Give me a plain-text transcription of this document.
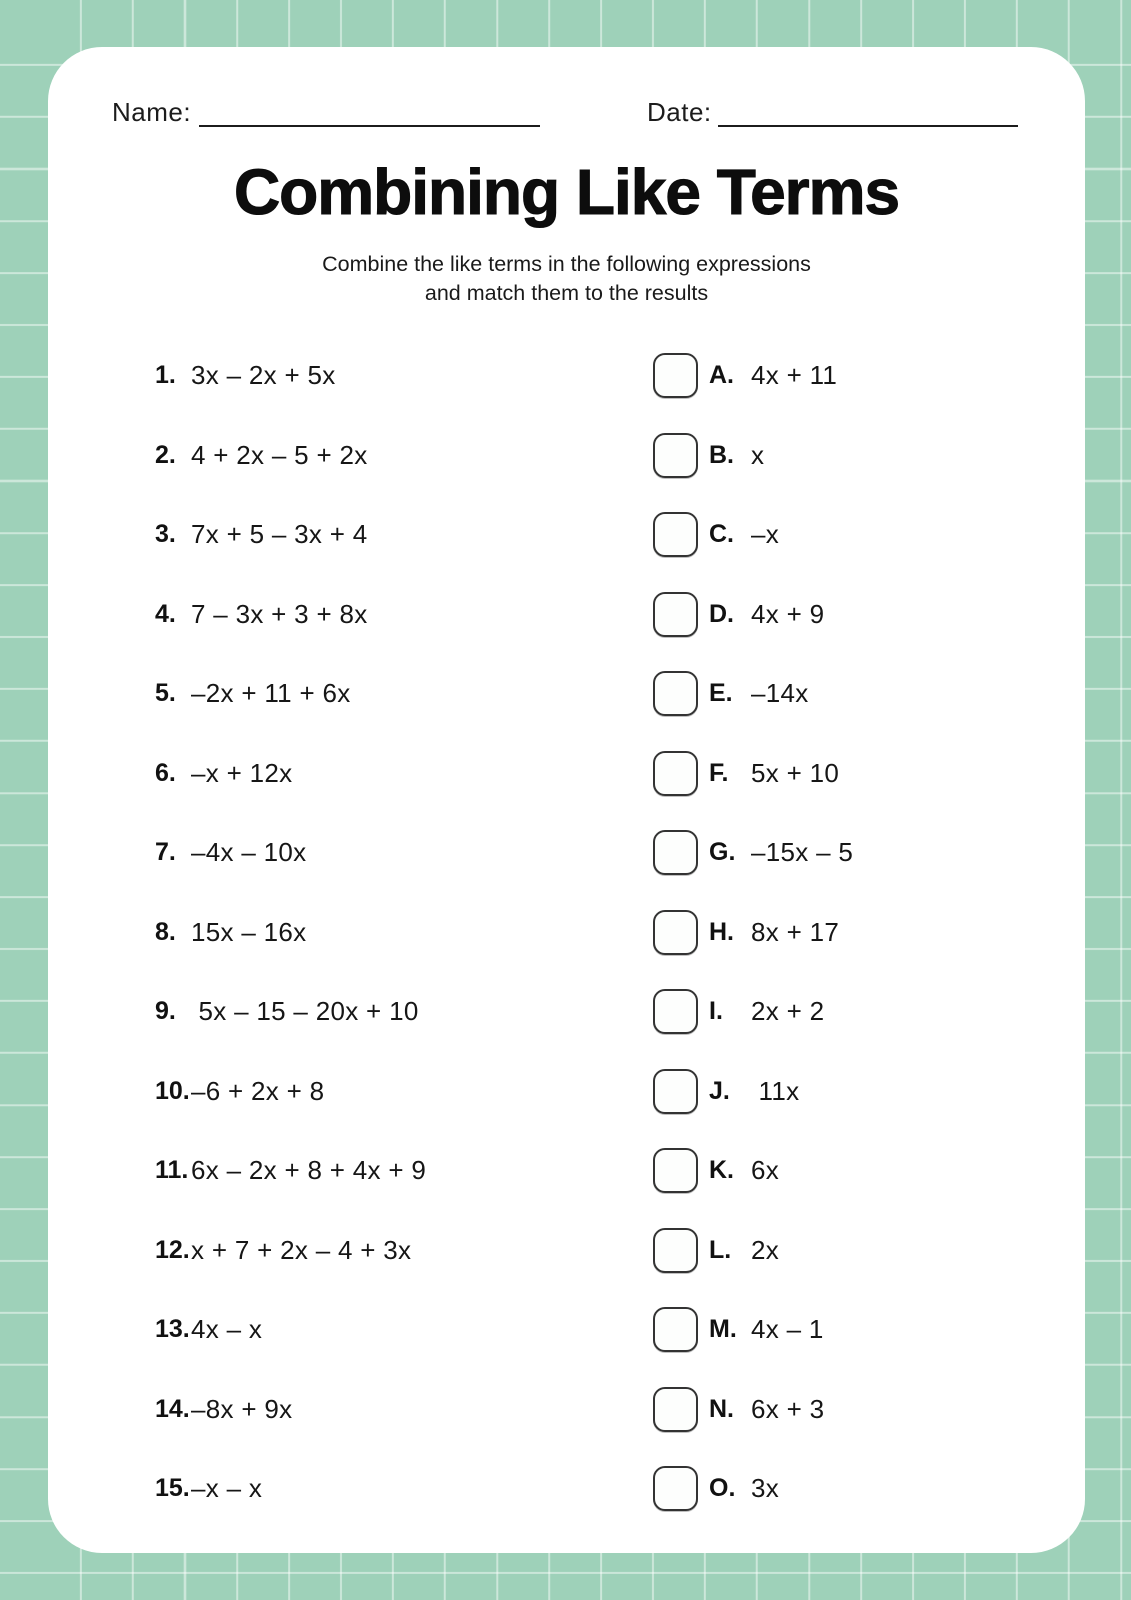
Name:	Date:
Combining Like Terms
Combine the like terms in the following expressions
and match them to the results
1. 3x – 2x + 5x	A. 4x + 11
2. 4 + 2x – 5 + 2x	B. x
3. 7x + 5 – 3x + 4	C. –x
4. 7 – 3x + 3 + 8x	D. 4x + 9
5. –2x + 11 + 6x	E. –14x
6. –x + 12x	F. 5x + 10
7. –4x – 10x	G. –15x – 5
8. 15x – 16x	H. 8x + 17
9. 5x – 15 – 20x + 10	I.	2x + 2
10. –6 + 2x + 8	J. 11x
11. 6x – 2x + 8 + 4x + 9	K. 6x
12. x + 7 + 2x – 4 + 3x	L. 2x
13. 4x – x	M. 4x – 1
14. –8x + 9x	N. 6x + 3
15. –x – x	O. 3x
